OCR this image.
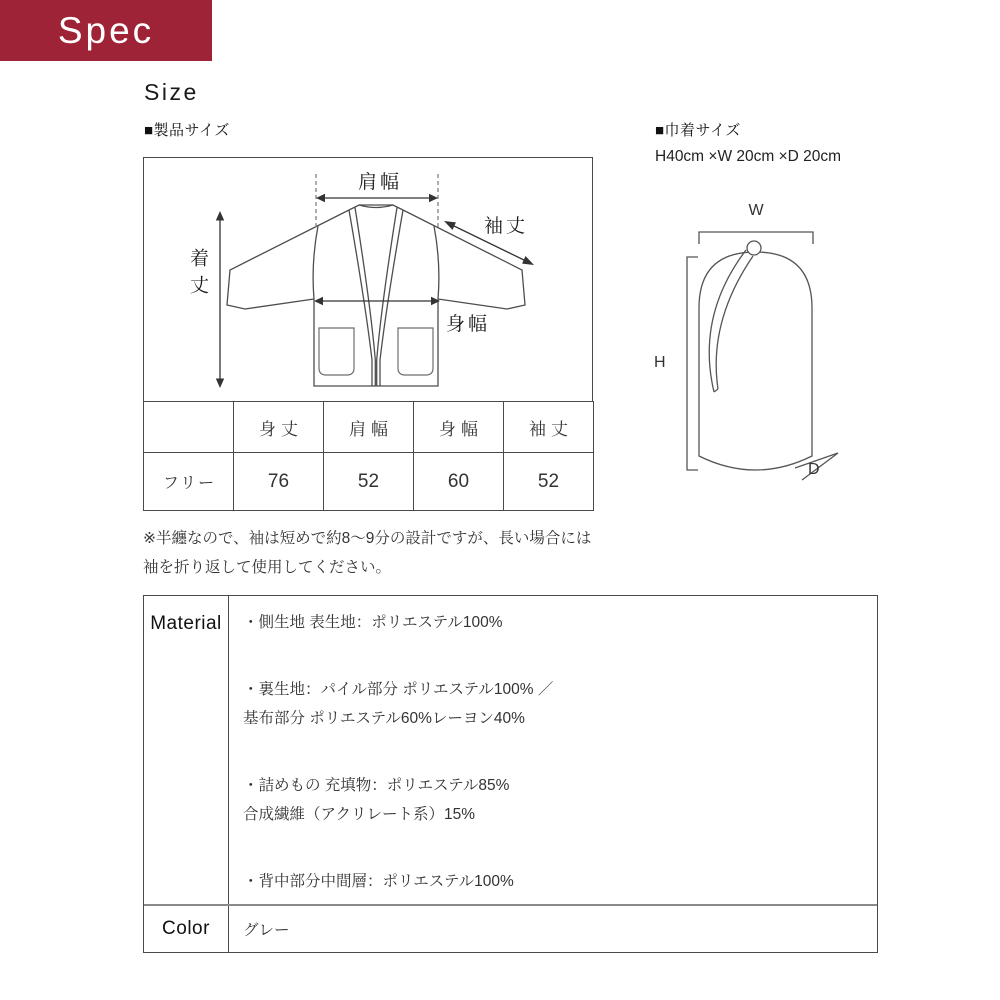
Spec
Size
■製品サイズ	■巾着サイズ
H40cm ×W 20cm ×D 20cm
肩幅
袖丈
身幅
着丈
	身丈	肩幅	身幅	袖丈
フリー	76	52	60	52

※半纏なので、袖は短めで約8〜9分の設計ですが、長い場合には

袖を折り返して使用してください。

W
H
D
Material	・側生地 表生地：ポリエステル100%

・裏生地：パイル部分 ポリエステル100% ／

基布部分 ポリエステル60%レーヨン40%

・詰めもの 充填物：ポリエステル85%

合成繊維（アクリレート系）15%

・背中部分中間層：ポリエステル100%

Color	グレー
